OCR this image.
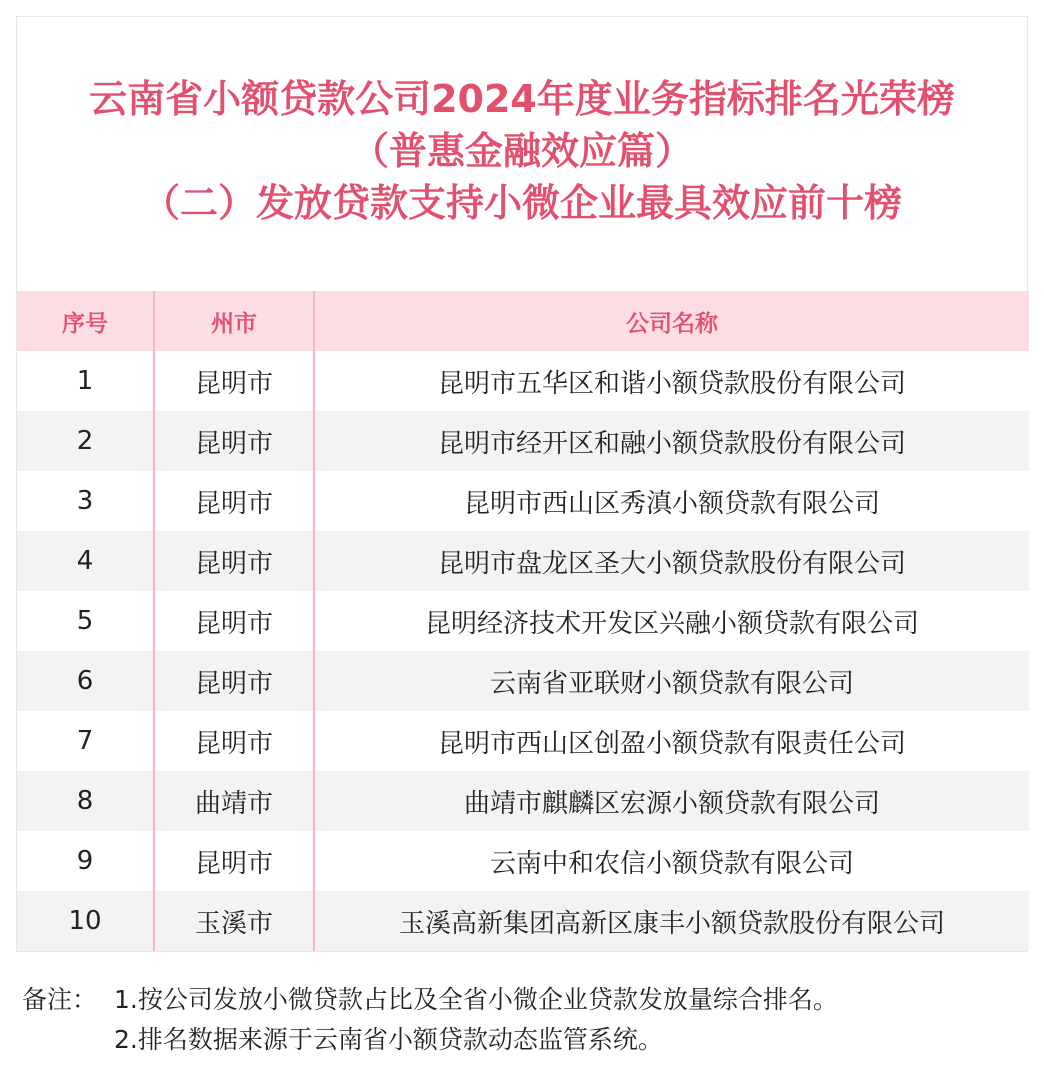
云南省小额贷款公司2024年度业务指标排名光荣榜
（普惠金融效应篇）
（二）发放贷款支持小微企业最具效应前十榜
序号	州市	公司名称
1	昆明市	昆明市五华区和谐小额贷款股份有限公司
2	昆明市	昆明市经开区和融小额贷款股份有限公司
3	昆明市	昆明市西山区秀滇小额贷款有限公司
4	昆明市	昆明市盘龙区圣大小额贷款股份有限公司
5	昆明市	昆明经济技术开发区兴融小额贷款有限公司
6	昆明市	云南省亚联财小额贷款有限公司
7	昆明市	昆明市西山区创盈小额贷款有限责任公司
8	曲靖市	曲靖市麒麟区宏源小额贷款有限公司
9	昆明市	云南中和农信小额贷款有限公司
10	玉溪市	玉溪高新集团高新区康丰小额贷款股份有限公司
备注： 1.按公司发放小微贷款占比及全省小微企业贷款发放量综合排名。
2.排名数据来源于云南省小额贷款动态监管系统。
